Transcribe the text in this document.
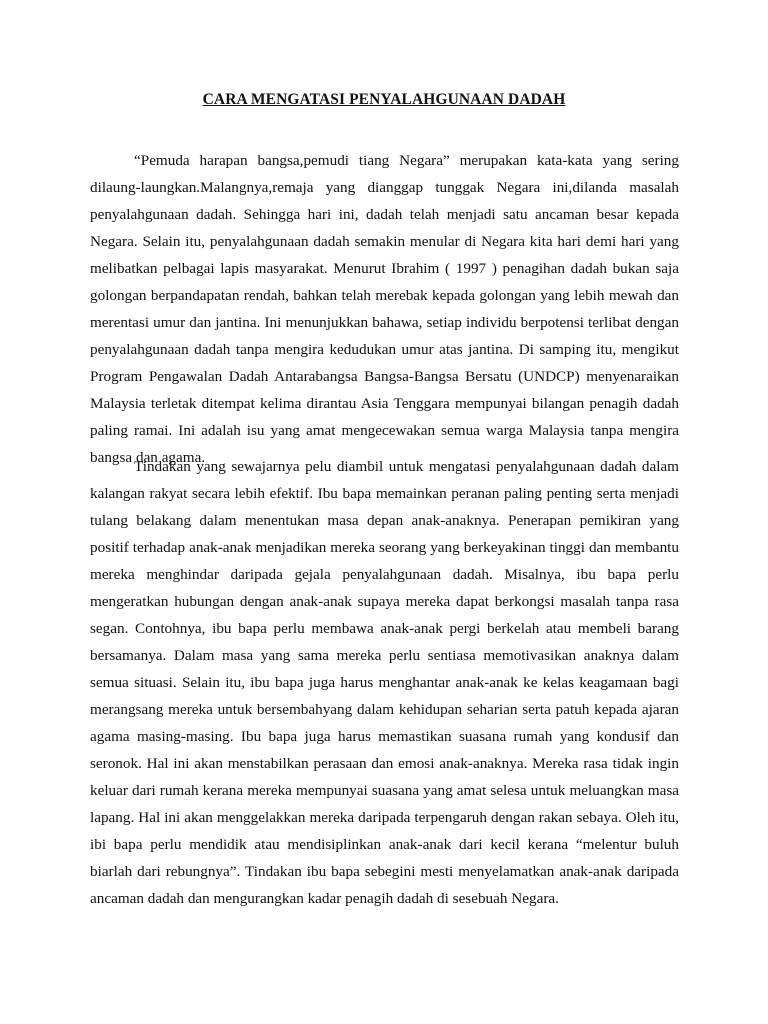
CARA MENGATASI PENYALAHGUNAAN DADAH

“Pemuda harapan bangsa,pemudi tiang Negara” merupakan kata-kata yang sering dilaung-laungkan.Malangnya,remaja yang dianggap tunggak Negara ini,dilanda masalah penyalahgunaan dadah. Sehingga hari ini, dadah telah menjadi satu ancaman besar kepada Negara. Selain itu, penyalahgunaan dadah semakin menular di Negara kita hari demi hari yang melibatkan pelbagai lapis masyarakat. Menurut Ibrahim ( 1997 ) penagihan dadah bukan saja golongan berpandapatan rendah, bahkan telah merebak kepada golongan yang lebih mewah dan merentasi umur dan jantina. Ini menunjukkan bahawa, setiap individu berpotensi terlibat dengan penyalahgunaan dadah tanpa mengira kedudukan umur atas jantina. Di samping itu, mengikut Program Pengawalan Dadah Antarabangsa Bangsa-Bangsa Bersatu (UNDCP) menyenaraikan Malaysia terletak ditempat kelima dirantau Asia Tenggara mempunyai bilangan penagih dadah paling ramai. Ini adalah isu yang amat mengecewakan semua warga Malaysia tanpa mengira bangsa dan agama.

Tindakan yang sewajarnya pelu diambil untuk mengatasi penyalahgunaan dadah dalam kalangan rakyat secara lebih efektif. Ibu bapa memainkan peranan paling penting serta menjadi tulang belakang dalam menentukan masa depan anak-anaknya. Penerapan pemikiran yang positif terhadap anak-anak menjadikan mereka seorang yang berkeyakinan tinggi dan membantu mereka menghindar daripada gejala penyalahgunaan dadah. Misalnya, ibu bapa perlu mengeratkan hubungan dengan anak-anak supaya mereka dapat berkongsi masalah tanpa rasa segan. Contohnya, ibu bapa perlu membawa anak-anak pergi berkelah atau membeli barang bersamanya. Dalam masa yang sama mereka perlu sentiasa memotivasikan anaknya dalam semua situasi. Selain itu, ibu bapa juga harus menghantar anak-anak ke kelas keagamaan bagi merangsang mereka untuk bersembahyang dalam kehidupan seharian serta patuh kepada ajaran agama masing-masing. Ibu bapa juga harus memastikan suasana rumah yang kondusif dan seronok. Hal ini akan menstabilkan perasaan dan emosi anak-anaknya. Mereka rasa tidak ingin keluar dari rumah kerana mereka mempunyai suasana yang amat selesa untuk meluangkan masa lapang. Hal ini akan menggelakkan mereka daripada terpengaruh dengan rakan sebaya. Oleh itu, ibi bapa perlu mendidik atau mendisiplinkan anak-anak dari kecil kerana “melentur buluh biarlah dari rebungnya”. Tindakan ibu bapa sebegini mesti menyelamatkan anak-anak daripada ancaman dadah dan mengurangkan kadar penagih dadah di sesebuah Negara.
